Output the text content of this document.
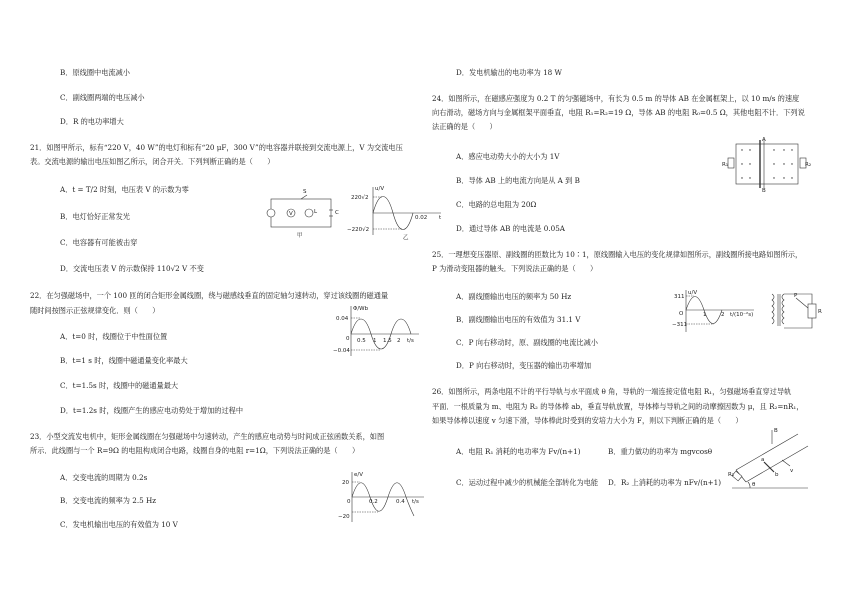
B．原线圈中电流减小
C．副线圈两端的电压减小
D．R 的电功率增大
21．如图甲所示，标有“220 V，40 W”的电灯和标有“20 μF，300 V”的电容器并联接到交流电源上，V 为交流电压
表。交流电源的输出电压如图乙所示，闭合开关．下列判断正确的是（　　）
A．t = T/2 时刻，电压表 V 的示数为零
B．电灯恰好正常发光
C．电容器有可能被击穿
D．交流电压表 V 的示数保持 110√2 V 不变
S
V	L	C
甲
u/V
220√2
−220√2
0.02 t
乙
22．在匀强磁场中，一个 100 匝的闭合矩形金属线圈，绕与磁感线垂直的固定轴匀速转动，穿过该线圈的磁通量
随时间按图示正弦规律变化．则（　　）
A．t=0 时，线圈位于中性面位置
B．t=1 s 时，线圈中磁通量变化率最大
C．t=1.5s 时，线圈中的磁通量最大
D．t=1.2s 时，线圈产生的感应电动势处于增加的过程中
Φ/Wb
0.04
−0.04
0 0.5 1 1.5 2 t/s
23．小型交流发电机中，矩形金属线圈在匀强磁场中匀速转动，产生的感应电动势与时间成正弦函数关系，如图
所示．此线圈与一个 R=9Ω 的电阻构成闭合电路，线圈自身的电阻 r=1Ω，下列说法正确的是（　　）
A．交变电流的周期为 0.2s
B．交变电流的频率为 2.5 Hz
C．发电机输出电压的有效值为 10 V
e/V
20
−20
0	0.2	0.4 t/s
D．发电机输出的电功率为 18 W
24．如图所示，在磁感应强度为 0.2 T 的匀强磁场中，有长为 0.5 m 的导体 AB 在金属框架上，以 10 m/s 的速度
向右滑动，磁场方向与金属框架平面垂直，电阻 R₁=R₂=19 Ω，导体 AB 的电阻 R₀=0.5 Ω，其他电阻不计．下列说
法正确的是（　　）
A．感应电动势大小的大小为 1V
B．导体 AB 上的电流方向是从 A 到 B
C．电路的总电阻为 20Ω
D．通过导体 AB 的电流是 0.05A
A
B
R₁	R₂
25．一理想变压器原、副线圈的匝数比为 10∶1，原线圈输入电压的变化规律如图所示，副线圈所接电路如图所示，
P 为滑动变阻器的触头．下列说法正确的是（　　）
A．副线圈输出电压的频率为 50 Hz
B．副线圈输出电压的有效值为 31.1 V
C．P 向右移动时，原、副线圈的电流比减小
D．P 向右移动时，变压器的输出功率增加
u/V
311
−311
O	1	2 t/(10⁻²s)
P
R
26．如图所示，两条电阻不计的平行导轨与水平面成 θ 角，导轨的一端连接定值电阻 R₁，匀强磁场垂直穿过导轨
平面．一根质量为 m、电阻为 R₂ 的导体棒 ab，垂直导轨放置，导体棒与导轨之间的动摩擦因数为 μ，且 R₂=nR₁，
如果导体棒以速度 v 匀速下滑，导体棒此时受到的安培力大小为 F，则以下判断正确的是（　　）
A．电阻 R₁ 消耗的电功率为 Fv/(n+1)	B．重力做功的功率为 mgvcosθ
C．运动过程中减少的机械能全部转化为电能 D．R₂ 上消耗的功率为 nFv/(n+1)
B
a
b
R₁
θ
v
